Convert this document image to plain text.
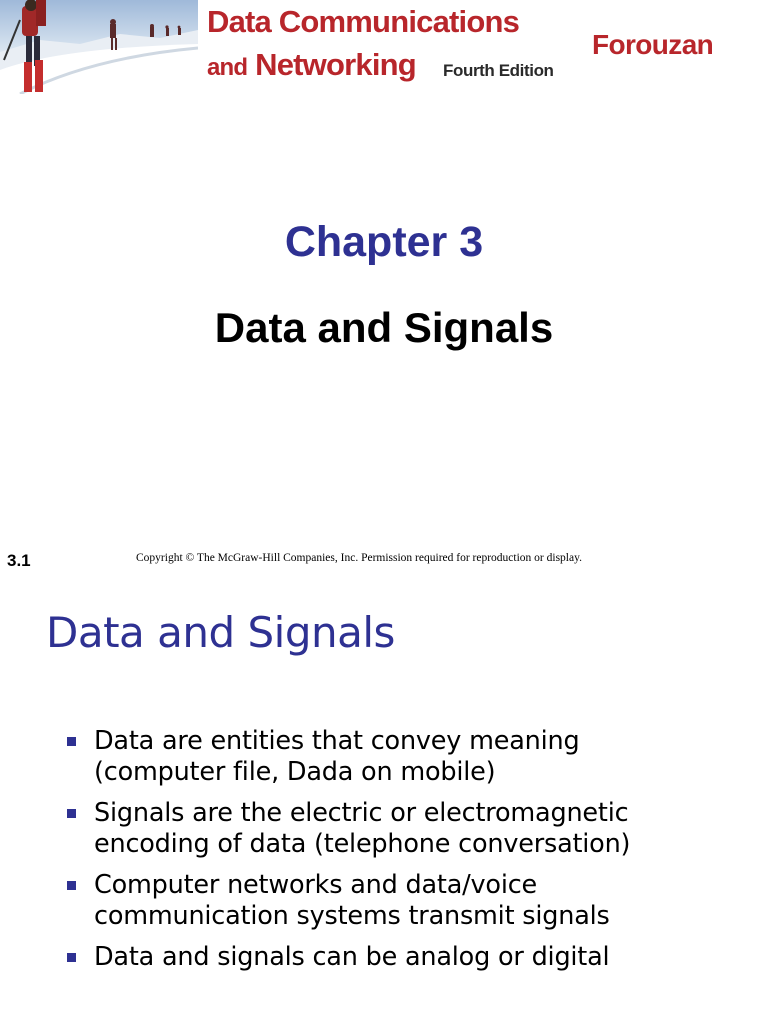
Data Communications
and Networking Fourth Edition
Forouzan
Chapter 3
Data and Signals
3.1	Copyright © The McGraw-Hill Companies, Inc. Permission required for reproduction or display.
Data and Signals
Data are entities that convey meaning
(computer file, Dada on mobile)
Signals are the electric or electromagnetic
encoding of data (telephone conversation)
Computer networks and data/voice
communication systems transmit signals
Data and signals can be analog or digital
